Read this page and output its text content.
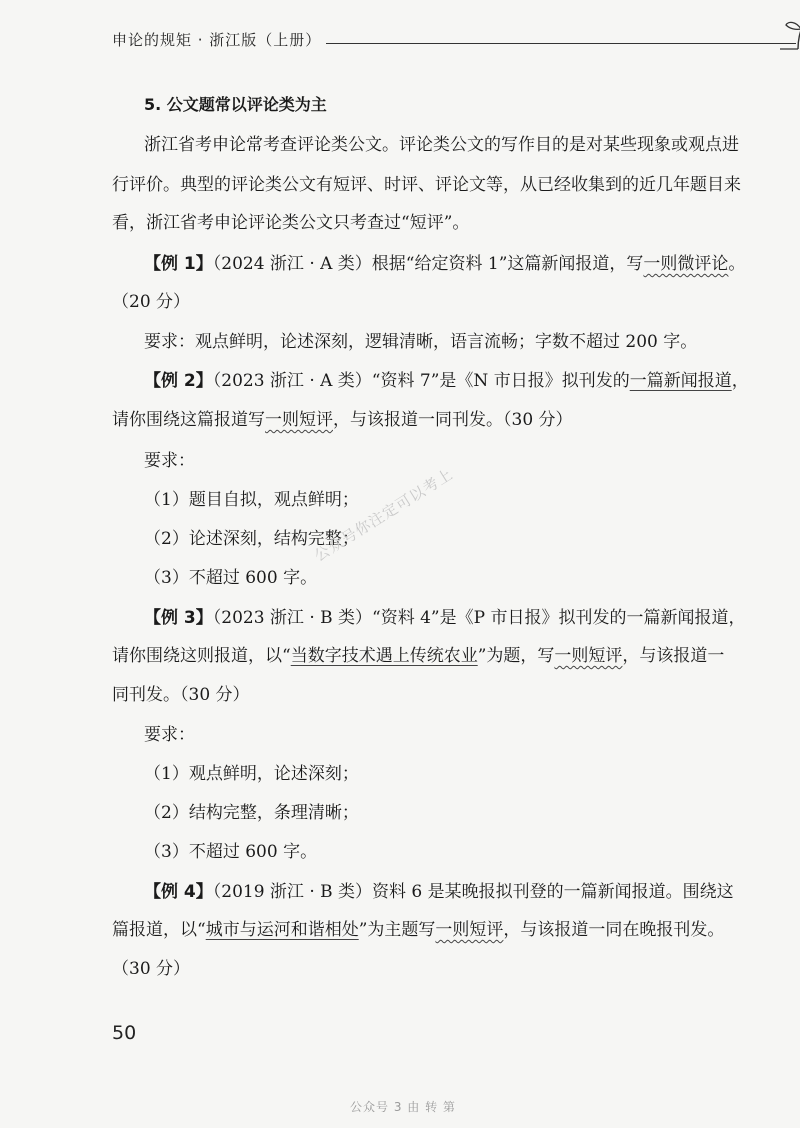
申论的规矩 · 浙江版（上册）
5. 公文题常以评论类为主
浙江省考申论常考查评论类公文。评论类公文的写作目的是对某些现象或观点进
行评价。典型的评论类公文有短评、时评、评论文等，从已经收集到的近几年题目来
看，浙江省考申论评论类公文只考查过“短评”。
【例 1】（2024 浙江 · A 类）根据“给定资料 1”这篇新闻报道，写一则微评论。
（20 分）
要求：观点鲜明，论述深刻，逻辑清晰，语言流畅；字数不超过 200 字。
【例 2】（2023 浙江 · A 类）“资料 7”是《N 市日报》拟刊发的一篇新闻报道，
请你围绕这篇报道写一则短评，与该报道一同刊发。（30 分）
要求：
（1）题目自拟，观点鲜明；
（2）论述深刻，结构完整；
（3）不超过 600 字。
【例 3】（2023 浙江 · B 类）“资料 4”是《P 市日报》拟刊发的一篇新闻报道，
请你围绕这则报道，以“当数字技术遇上传统农业”为题，写一则短评，与该报道一
同刊发。（30 分）
要求：
（1）观点鲜明，论述深刻；
（2）结构完整，条理清晰；
（3）不超过 600 字。
【例 4】（2019 浙江 · B 类）资料 6 是某晚报拟刊登的一篇新闻报道。围绕这
篇报道，以“城市与运河和谐相处”为主题写一则短评，与该报道一同在晚报刊发。
（30 分）
公众号你注定可以考上
50
公众号 3 由 转 第
